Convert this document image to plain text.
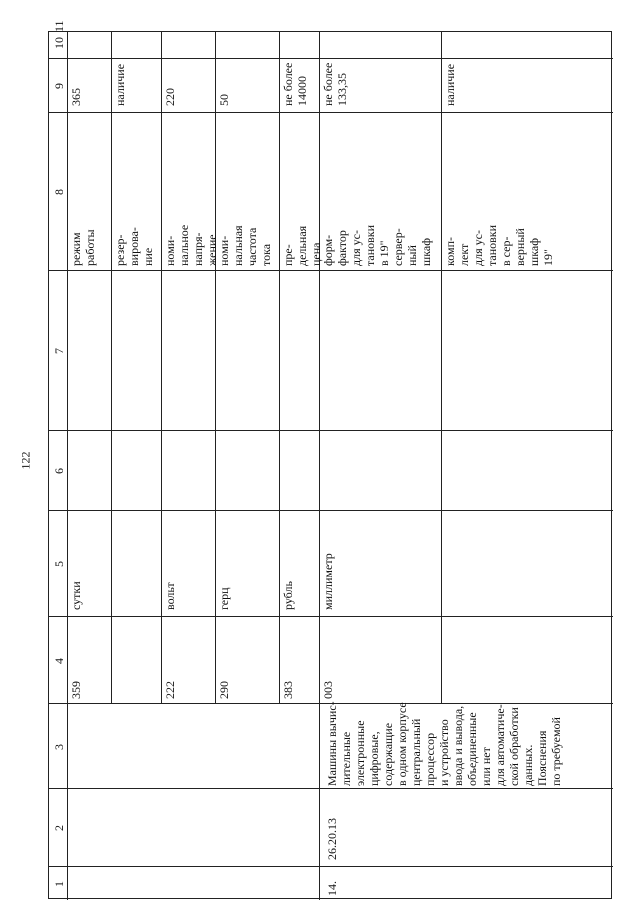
122
1
2
3
4
5
6
7
8
9
10
11
14.
26.20.13
Машины вычис- лительные электронные цифровые, содержащие в одном корпусе центральный процессор и устройство ввода и вывода, объединенные или нет для автоматиче- ской обработки данных. Пояснения по требуемой
359
сутки
режим работы
365
резер- вирова- ние
наличие
222
вольт
номи- нальное напря- жение
220
290
герц
номи- нальная частота тока
50
383
рубль
пре- дельная цена
не более 14000
003
миллиметр
форм- фактор для ус- тановки в 19" сервер- ный шкаф
не более 133,35
комп- лект для ус- тановки в сер- верный шкаф 19"
наличие
